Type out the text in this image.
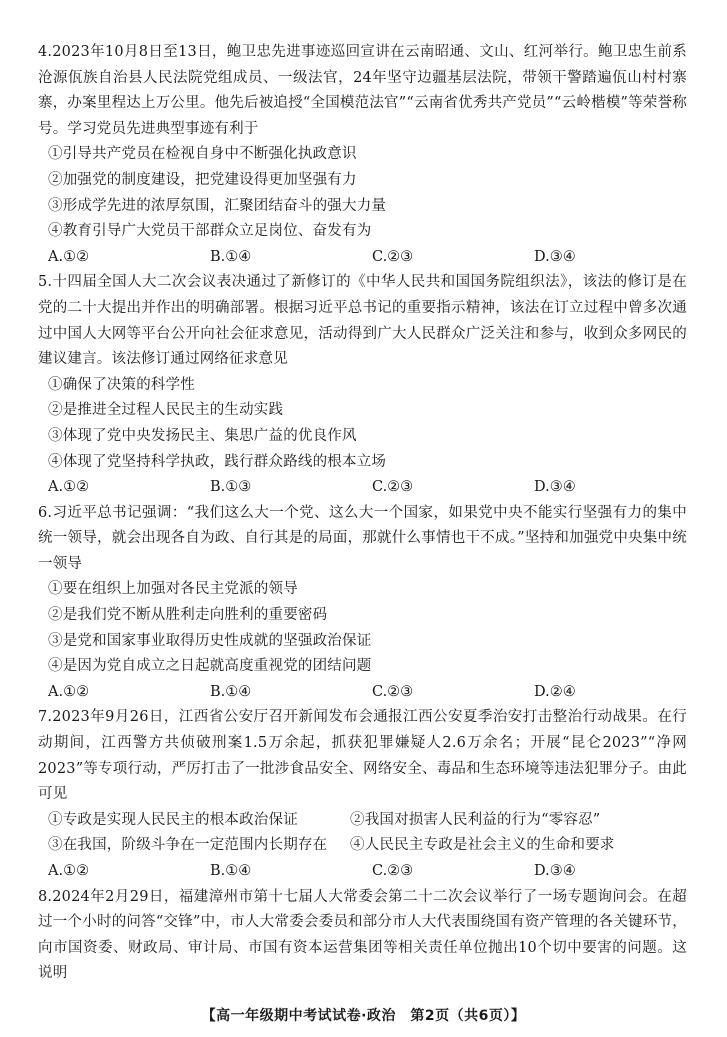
4.2023年10月8日至13日，鲍卫忠先进事迹巡回宣讲在云南昭通、文山、红河举行。鲍卫忠生前系沧源佤族自治县人民法院党组成员、一级法官，24年坚守边疆基层法院，带领干警踏遍佤山村村寨寨，办案里程达上万公里。他先后被追授“全国模范法官”“云南省优秀共产党员”“云岭楷模”等荣誉称号。学习党员先进典型事迹有利于

①引导共产党员在检视自身中不断强化执政意识

②加强党的制度建设，把党建设得更加坚强有力

③形成学先进的浓厚氛围，汇聚团结奋斗的强大力量

④教育引导广大党员干部群众立足岗位、奋发有为

A.①②	B.①④	C.②③	D.③④

5.十四届全国人大二次会议表决通过了新修订的《中华人民共和国国务院组织法》，该法的修订是在党的二十大提出并作出的明确部署。根据习近平总书记的重要指示精神，该法在订立过程中曾多次通过中国人大网等平台公开向社会征求意见，活动得到广大人民群众广泛关注和参与，收到众多网民的建议建言。该法修订通过网络征求意见

①确保了决策的科学性

②是推进全过程人民民主的生动实践

③体现了党中央发扬民主、集思广益的优良作风

④体现了党坚持科学执政，践行群众路线的根本立场

A.①②	B.①③	C.②③	D.③④

6.习近平总书记强调：“我们这么大一个党、这么大一个国家，如果党中央不能实行坚强有力的集中统一领导，就会出现各自为政、自行其是的局面，那就什么事情也干不成。”坚持和加强党中央集中统一领导

①要在组织上加强对各民主党派的领导

②是我们党不断从胜利走向胜利的重要密码

③是党和国家事业取得历史性成就的坚强政治保证

④是因为党自成立之日起就高度重视党的团结问题

A.①②	B.①④	C.②③	D.②④

7.2023年9月26日，江西省公安厅召开新闻发布会通报江西公安夏季治安打击整治行动战果。在行动期间，江西警方共侦破刑案1.5万余起，抓获犯罪嫌疑人2.6万余名；开展“昆仑2023”“净网2023”等专项行动，严厉打击了一批涉食品安全、网络安全、毒品和生态环境等违法犯罪分子。由此可见

①专政是实现人民民主的根本政治保证	②我国对损害人民利益的行为“零容忍”
③在我国，阶级斗争在一定范围内长期存在	④人民民主专政是社会主义的生命和要求
A.①②	B.①④	C.②③	D.③④

8.2024年2月29日，福建漳州市第十七届人大常委会第二十二次会议举行了一场专题询问会。在超过一个小时的问答“交锋”中，市人大常委会委员和部分市人大代表围绕国有资产管理的各关键环节，向市国资委、财政局、审计局、市国有资本运营集团等相关责任单位抛出10个切中要害的问题。这说明

【高一年级期中考试试卷·政治　第2页（共6页）】
